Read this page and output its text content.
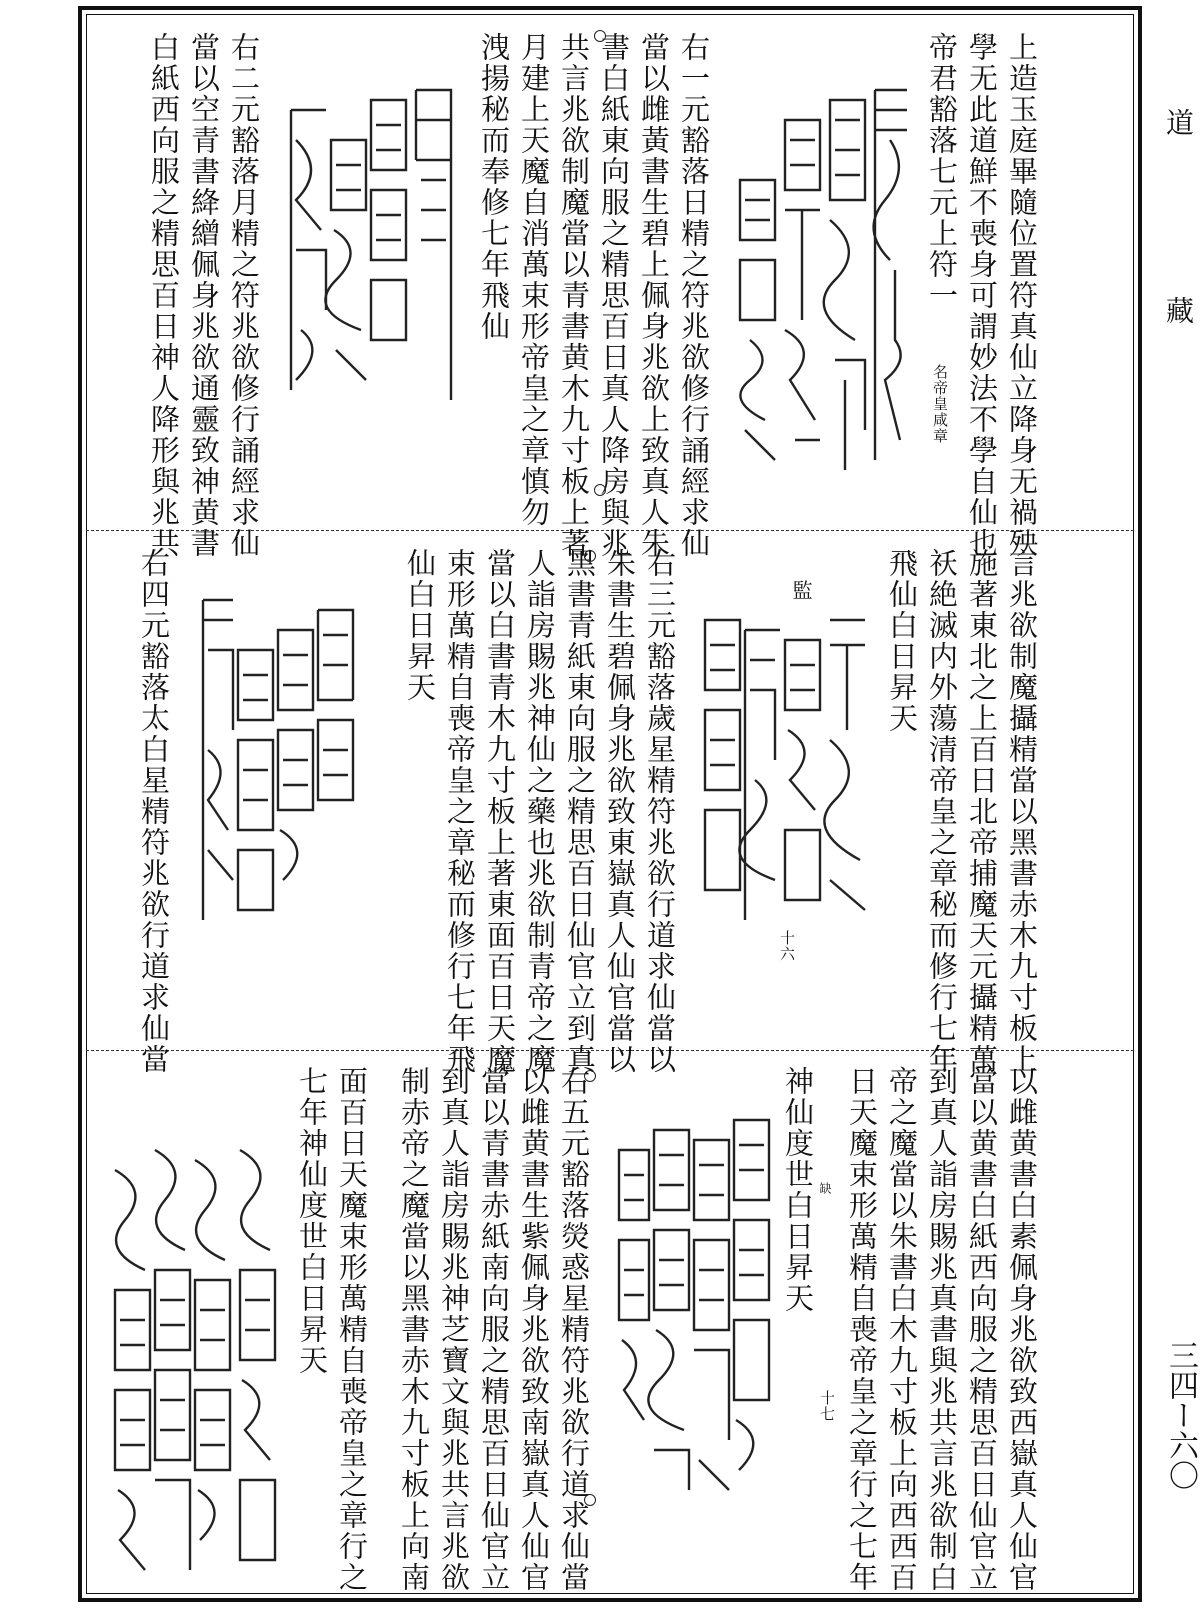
道
藏
三四ー六〇
上造玉庭畢隨位置符真仙立降身无禍殃
學无此道鮮不喪身可謂妙法不學自仙也
帝君豁落七元上符一
名帝皇咸章
右一元豁落日精之符兆欲修行誦經求仙
當以雌黃書生碧上佩身兆欲上致真人朱
書白紙東向服之精思百日真人降房與兆
共言兆欲制魔當以青書黄木九寸板上著
月建上天魔自消萬束形帝皇之章慎勿
洩揚秘而奉修七年飛仙
右二元豁落月精之符兆欲修行誦經求仙
當以空青書絳繒佩身兆欲通靈致神黄書
白紙西向服之精思百日神人降形與兆共
言兆欲制魔攝精當以黑書赤木九寸板上
施著東北之上百日北帝捕魔天元攝精萬
祅絶滅内外蕩清帝皇之章秘而修行七年
飛仙白日昇天
監
十六
右三元豁落歲星精符兆欲行道求仙當以
朱書生碧佩身兆欲致東嶽真人仙官當以
黑書青紙東向服之精思百日仙官立到真
人詣房賜兆神仙之藥也兆欲制青帝之魔
當以白書青木九寸板上著東面百日天魔
束形萬精自喪帝皇之章秘而修行七年飛
仙白日昇天
右四元豁落太白星精符兆欲行道求仙當
以雌黄書白素佩身兆欲致西嶽真人仙官
當以黄書白紙西向服之精思百日仙官立
到真人詣房賜兆真書與兆共言兆欲制白
帝之魔當以朱書白木九寸板上向西西百
日天魔束形萬精自喪帝皇之章行之七年
缺
神仙度世白日昇天
十七
右五元豁落熒惑星精符兆欲行道求仙當
以雌黄書生紫佩身兆欲致南嶽真人仙官
當以青書赤紙南向服之精思百日仙官立
到真人詣房賜兆神芝寶文與兆共言兆欲
制赤帝之魔當以黑書赤木九寸板上向南
面百日天魔束形萬精自喪帝皇之章行之
七年神仙度世白日昇天
